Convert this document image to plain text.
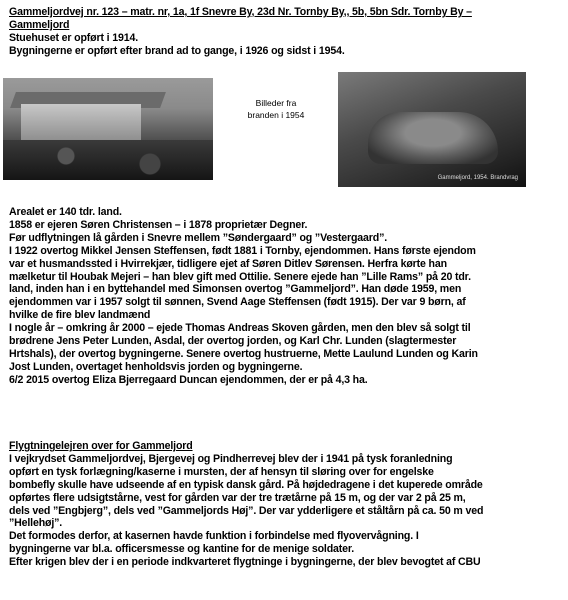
Gammeljordvej nr. 123 – matr. nr, 1a, 1f Snevre By, 23d Nr. Tornby By,, 5b, 5bn Sdr. Tornby By –
Gammeljord
Stuehuset er opført i 1914.
Bygningerne er opført efter brand ad to gange, i 1926 og sidst i 1954.
Billeder fra
branden i 1954
Gammeljord, 1954. Brandvrag
Arealet er 140 tdr. land.
1858 er ejeren Søren Christensen – i 1878 proprietær Degner.
Før udflytningen lå gården i Snevre mellem ”Søndergaard” og ”Vestergaard”.
I 1922 overtog Mikkel Jensen Steffensen, født 1881 i Tornby, ejendommen. Hans første ejendom
var et husmandssted i Hvirrekjær, tidligere ejet af Søren Ditlev Sørensen. Herfra kørte han
mælketur til Houbak Mejeri – han blev gift med Ottilie. Senere ejede han ”Lille Rams” på 20 tdr.
land, inden han i en byttehandel med Simonsen overtog ”Gammeljord”. Han døde 1959, men
ejendommen var i 1957 solgt til sønnen, Svend Aage Steffensen (født 1915). Der var 9 børn, af
hvilke de fire blev landmænd
I nogle år – omkring år 2000 – ejede Thomas Andreas Skoven gården, men den blev så solgt til
brødrene Jens Peter Lunden, Asdal, der overtog jorden, og Karl Chr. Lunden (slagtermester
Hrtshals), der overtog bygningerne. Senere overtog hustruerne, Mette Laulund Lunden og Karin
Jost Lunden, overtaget henholdsvis jorden og bygningerne.
6/2 2015 overtog Eliza Bjerregaard Duncan ejendommen, der er på 4,3 ha.
Flygtningelejren over for Gammeljord
I vejkrydset Gammeljordvej, Bjergevej og Pindherrevej blev der i 1941 på tysk foranledning
opført en tysk forlægning/kaserne i mursten, der af hensyn til sløring over for engelske
bombefly skulle have udseende af en typisk dansk gård. På højdedragene i det kuperede område
opførtes flere udsigtstårne, vest for gården var der tre trætårne på 15 m, og der var 2 på 25 m,
dels ved ”Engbjerg”, dels ved ”Gammeljords Høj”. Der var ydderligere et ståltårn på ca. 50 m ved
”Hellehøj”.
Det formodes derfor, at kasernen havde funktion i forbindelse med flyovervågning. I
bygningerne var bl.a. officersmesse og kantine for de menige soldater.
Efter krigen blev der i en periode indkvarteret flygtninge i bygningerne, der blev bevogtet af CBU
